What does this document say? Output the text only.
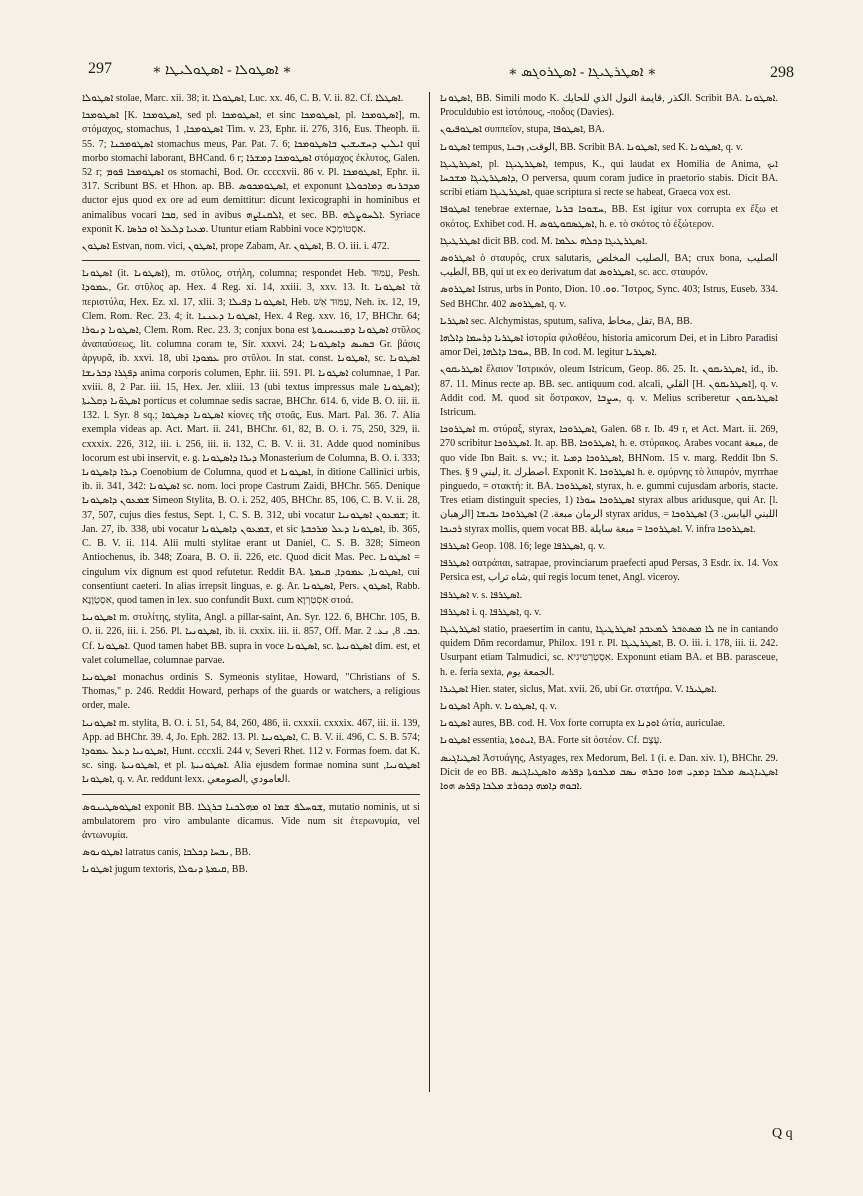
297	∗ ܐܣܛܘܠܐ - ܐܣܛܘܠܝܛܐ ∗	∗ ܐܣܛܪܛܝܓܐ - ܐܣܛܪܘܓܣ ∗	298

ܐܣܛܘܠܐ stolae, Marc. xii. 38; it. ܐܣܛܘܠܐ, Luc. xx. 46, C. B. V. ii. 82. Cf. ܐܣܛܠܐ.

ܐܣܛܘܡܟܐ [K. ܐܣܛܘܡܟܐ, sed pl. ܐܣܛܘܡܟܐ, et sinc ܐܣܛܘܡܟܐ, pl. ܐܣܛܘܡܟܐ], m. στόμαχος, stomachus, ܐܣܛܘܡܟܐ, 1 Tim. v. 23, Ephr. ii. 276, 316, Eus. Theoph. ii. 55. 7; ܐܣܛܘܡܟܢܐ stomachus meus, Par. Pat. 7. 6; ܐܝܠܝܢ ܕܚܫܝܫܝܢ ܒܐܣܛܘܡܟܐ qui morbo stomachi laborant, BHCand. 6 r; ܐܣܛܘܡܟܐ ܕܡܫܪܐ στόμαχος ἐκλυτος, Galen. 52 r; ܐܣܛܘܡܟܐ ܦܘܡ os stomachi, Bod. Or. ccccxvii. 86 v. Pl. ܐܣܛܘܡܟܐ, Ephr. ii. 317. Scribunt BS. et Hhon. ap. BB. ܐܣܛܘܡܟܘܣ, et exponunt ܡܕܒܪܢܗ ܕܡܐܟܘܠܬܐ ductor ejus quod ex ore ad eum demittitur: dicunt lexicographi in hominibus et animalibus vocari ܩܒܐ, sed in avibus ܐܠܩܢܐܨܗ, et sec. BB. ܐܠܚܘܨܠܗ. Syriace exponit K. ܡܥܝܐ ܕܠܥܠ ܐܘ ܟܪܣܐ. Utuntur etiam Rabbini voce אִסְטוֹמְכָא.

ܐܣܛܘܢ Estvan, nom. vici, ܐܣܛܘܢ, prope Zabam, Ar. ܐܣܛܘܢ, B. O. iii. i. 472.

ܐܣܛܘܢܐ (it. ܐܣܛܘܢܐ), m. στῦλος, στήλη, columna; respondet Heb. עַמּוּד, Pesh. ܥܡܘܕܐ, Gr. στῦλος ap. Hex. 4 Reg. xi. 14, xxiii. 3, xxv. 13. It. ܐܣܛܘܢܐ τὰ περιστύλα, Hex. Ez. xl. 17, xlii. 3; ܐܣܛܘܢܐ ܕܦܝܠܐ, Heb. עַמּוּד אֵשׁ, Neh. ix. 12, 19, Clem. Rom. Rec. 23. 4; it. ܐܣܛܘܢܐ ܕܥܢܢܐ, Hex. 4 Reg. xxv. 16, 17, BHChr. 64; ܐܣܛܘܢܐ ܕܢܘܪܐ, Clem. Rom. Rec. 23. 3; conjux bona est ܐܣܛܘܢܐ ܕܡܢܝܚܢܘܬܐ στῦλος ἀναπαύσεως, lit. columna coram te, Sir. xxxvi. 24; ܒܣܝܣ ܕܐܣܛܘܢܐ Gr. βάσις ἀργυρᾶ, ib. xxvi. 18, ubi ܥܡܘܕܐ pro στῦλοι. In stat. const. ܐܣܛܘܢܐ, sc. ܐܣܛܘܢܐ ܕܦܓܪܐ ܕܒܪܢܫܐ anima corporis columen, Ephr. iii. 591. Pl. ܐܣܛܘܢܐ columnae, 1 Par. xviii. 8, 2 Par. iii. 15, Hex. Jer. xliii. 13 (ubi textus impressus male ܐܣܛܘܢܐ); ܐܣܛܘ̈ܢܐ ܕܩܠܝܬܐ porticus et columnae sedis sacrae, BHChr. 614. 6, vide B. O. iii. ii. 132. l. Syr. 8 sq.; ܐܣܛܘܢܐ ܕܣܛܘܐ κίονες τῆς στοᾶς, Eus. Mart. Pal. 36. 7. Alia exempla videas ap. Act. Mart. ii. 241, BHChr. 61, 82, B. O. i. 75, 250, 329, ii. cxxxix. 226, 312, iii. i. 256, iii. ii. 132, C. B. V. ii. 31. Adde quod nominibus locorum est ubi inservit, e. g. ܕܝܪܐ ܕܐܣܛܘܢܐ Monasterium de Columna, B. O. i. 333; ܕܝܪܐ ܕܐܣܛܘܢܐ Coenobium de Columna, quod et ܐܣܛܘܢܐ, in ditione Callinici urbis, ib. ii. 341, 342: ܐܣܛܘܢܐ sc. nom. loci prope Castrum Zaidi, BHChr. 565. Denique ܫܡܥܘܢ ܕܐܣܛܘܢܐ Simeon Stylita, B. O. i. 252, 405, BHChr. 85, 106, C. B. V. ii. 28, 37, 507, cujus dies festus, Sept. 1, C. S. B. 312, ubi vocatur ܫܡܥܘܢ ܐܣܛܘܢܝܐ; it. Jan. 27, ib. 338, ubi vocatur ܫܡܥܘܢ ܕܐܣܛܘܢܐ, et sic ܐܣܛܘܢܐ ܕܥܠ ܡܪܟܒܬܐ, ib. 365, C. B. V. ii. 114. Alii multi stylitae erant ut Daniel, C. S. B. 328; Simeon Antiochenus, ib. 348; Zoara, B. O. ii. 226, etc. Quod dicit Mas. Pec. ܐܣܛܘܢܐ = cingulum vix dignum est quod refutetur. Reddit BA. ܐܣܛܘܢܐ, ܥܡܘܕܐ, ܩܝܡܬܐ, cui consentiunt caeteri. In alias irrepsit linguas, e. g. Ar. ܐܣܛܘܢܐ, Pers. ܐܣܛܘܢ, Rabb. אִסְטְוָנָא, quod tamen in lex. suo confundit Buxt. cum אִסְטַרְוָא στοά.

ܐܣܛܘܢܝܐ m. στυλίτης, stylita, Angl. a pillar-saint, An. Syr. 122. 6, BHChr. 105, B. O. ii. 226, iii. i. 256. Pl. ܐܣܛܘܢܝܐ, ib. ii. cxxix. iii. ii. 857, Off. Mar. ܟܒ. 8, ܢܥ. 2. Cf. ܐܣܛܘܢܐ. Quod tamen habet BB. supra in voce ܐܣܛܘܢܐ, sc. ܐܣܛܘܢܝܬܐ dim. est, et valet columellae, columnae parvae.

ܐܣܛܘܢܝܐ monachus ordinis S. Symeonis stylitae, Howard, "Christians of S. Thomas," p. 246. Reddit Howard, perhaps of the guards or watchers, a religious order, male.

ܐܣܛܘܢܝܐ m. stylita, B. O. i. 51, 54, 84, 260, 486, ii. cxxxii. cxxxix. 467, iii. ii. 139, App. ad BHChr. 39. 4, Jo. Eph. 282. 13. Pl. ܐܣܛܘܢܝܐ, C. B. V. ii. 496, C. S. B. 574; ܐܣܛܘܢܝܐ ܕܥܠ ܥܡܘܕܐ, Hunt. cccxli. 244 v, Severi Rhet. 112 v. Formas foem. dat K. sc. sing. ܐܣܛܘܢܝܬܐ, et pl. ܐܣܛܘܢܝܬܐ. Alia ejusdem formae nomina sunt ܐܣܛܘܢܝܐ, ܐܣܛܘܢܐ, q. v. Ar. reddunt lexx. العامودي ,الصومعي.

ܐܣܛܘܣܛܝܢܘܣ exponit BB. ܫܘܚܠܦ ܫܡܐ ܐܘ ܡܗܠܟܢܐ ܒܪܓܠܐ, mutatio nominis, ut si ambulatorem pro viro ambulante dicamus. Vide num sit ἑτερωνυμία, vel ἀντωνυμία.

ܐܣܛܘܢܘܣ latratus canis, ܢܒܚܐ ܕܟܠܒܐ, BB.

ܐܣܛܘܢܐ jugum textoris, ܩܝܡܬܐ ܕܢܘܠܐ, BB.

ܐܣܛܘܢܐ, BB. Simili modo K. الكذر ,قايمة النول الذي للحايك. Scribit BA. ܐܣܛܘܢܐ. Proculdubio est ἱστόπους, -ποδος (Davies).

ܐܣܛܘܦܝܘܢ συππεῖον, stupa, ܐܣܛܘܦܐ, BA.

ܐܣܛܘܢܐ tempus, الوقت, ܙܒܢܐ, BB. Scribit BA. ܐܣܛܘܢܐ, sed K. ܐܣܛܘܢܐ, q. v.

ܐܣܛܪܛܝܓܐ, pl. ܐܣܛܪܛܝܓܐ, tempus, K., qui laudat ex Homilia de Anima, ܐܝܟ ܕܐܣܛܪܛܝܓܐ ܡܫܟܚܐ, O perversa, quum coram judice in praetorio stabis. Dicit BA. scribi etiam ܐܣܛܪܛܝܓܐ, quae scriptura si recte se habeat, Graeca vox est.

ܐܣܛܘܦܐ tenebrae externae, ܚܫܘܟܐ ܒܪܝܐ, BB. Est igitur vox corrupta ex ἔξω et σκότος. Exhibet cod. H. ܐܣܛܣܩܘܛܘܣ, h. e. τὸ σκότος τὸ ἐξώτερον.

ܐܣܛܪܛܝܓܐ dicit BB. cod. M. ܐܣܛܪܛܝܓܐ ܕܟܠܗ ܥܠܡܐ.

ܐܣܛܪܘܣ ὁ σταυρός, crux salutaris, الصليب المخلص, BA; crux bona, الصليب الطيب, BB, qui ut ex eo derivatum dat ܐܣܛܪܘܣ, sc. acc. σταυρόν.

ܐܣܛܪܘܣ Istrus, urbs in Ponto, Dion. ܘܘ. 10. Ἴστρος, Sync. 403; Istrus, Euseb. 334. Sed BHChr. 402 ܐܣܛܪܘܣ, q. v.

ܐܣܛܪܝܐ sec. Alchymistas, sputum, saliva, تفل ,مخاط, BA, BB.

ܐܣܛܪܝܐ ܕܪܚܡܐ ܕܐܠܗܐ ἱστορία φιλοθέου, historia amicorum Dei, et in Libro Paradisi amor Dei, ܚܘܒܐ ܕܐܠܗܐ, BB. In cod. M. legitur ܐܣܛܪܝܐ.

ܐܣܛܪܝܩܘܢ ἔλαιον Ἰστρικόν, oleum Istricum, Geop. 86. 25. It. ܐܣܛܪܝܩܘܢ, id., ib. 87. 11. Minus recte ap. BB. sec. antiquum cod. alcali, القلي [H. ܐܣܛܪܝܩܘܢ], q. v. Addit cod. M. quod sit ὄστρακον, ܚܨܒܐ, q. v. Melius scriberetur ܐܣܛܪܝܩܘܢ Istricum.

ܐܣܛܪܘܟܐ m. στύραξ, styrax, ܐܣܛܪܘܟܐ, Galen. 68 r. Ib. 49 r, et Act. Mart. ii. 269, 270 scribitur ܐܣܛܪܘܟܐ. It. ap. BB. ܐܣܛܪܘܟܐ, h. e. στύρακος. Arabes vocant مبعة, de quo vide Ibn Bait. s. vv.; it. ܐܣܛܪܘܟܐ ܕܡܝܐ, BHNom. 15 v. marg. Reddit Ibn S. Thes. § 9 لبني, it. اصطرك. Exponit K. ܐܣܛܪܘܟܐ h. e. σμύρνης τὸ λιπαρόν, myrrhae pinguedo, = στακτή: it. BA. ܐܣܛܪܘܟܐ, styrax, h. e. gummi cujusdam arboris, stacte. Tres etiam distinguit species, 1) ܐܣܛܪܘܟܐ ܚܘܪܐ styrax albus aridusque, qui Ar. [l. الرهبان] الرمان مبعة. 2) ܐܣܛܪܘܟܐ ܝܒܝܫܐ styrax aridus, = اللبني اليابس. 3) ܐܣܛܪܘܟܐ ܪܟܝܟܐ styrax mollis, quem vocat BB. ܐܣܛܪܘܟܐ = مبعة سايلة. V. infra ܐܣܛܪܘܟܐ.

ܐܣܛܪܦܐ Geop. 108. 16; lege ܐܣܛܪܦܐ, q. v.

ܐܣܛܪܦܐ σατράπαι, satrapae, provinciarum praefecti apud Persas, 3 Esdr. ix. 14. Vox Persica est, شاه تراب, qui regis locum tenet, Angl. viceroy.

ܐܣܛܪܦܐ v. s. ܐܣܛܪܦܐ.

ܐܣܛܪܦܐ i. q. ܐܣܛܪܦܐ, q. v.

ܐܣܛܪܛܝܓܐ statio, praesertim in cantu, ܠܐ ܡܣܬܒܪ ܠܡܥܒܕ ܐܣܛܪܛܝܓܐ ne in cantando quidem Dñm recordamur, Philox. 191 r. Pl. ܐܣܛܪܛܝܓܐ, B. O. iii. i. 178, iii. ii. 242. Usurpant etiam Talmudici, sc. אִסְטְרַטִּיגִיא. Exponunt etiam BA. et BB. parasceue, h. e. feria sexta, الجمعة يوم.

ܐܣܛܝܪܐ Hier. stater, siclus, Mat. xvii. 26, ubi Gr. στατήρα. V. ܐܣܛܝܪܐ.

ܐܣܛܘܢܐ Aph. v. ܐܣܛܘܢܐ, q. v.

ܐܣܛܘܢܐ aures, BB. cod. H. Vox forte corrupta ex ܐܘܕܢܐ ὠτία, auriculae.

ܐܣܛܘܢܐ essentia, ܐܝܬܘܬܐ, BA. Forte sit ὀστέον. Cf. עֶצֶם.

ܐܣܛܝܐܓܝܣ Ἀστυάγης, Astyages, rex Medorum, Bel. 1 (i. e. Dan. xiv. 1), BHChr. 29. Dicit de eo BB. ܐܣܛܝܐܓܝܣ ܡܠܟܐ ܕܡܕܝ ܗܘܐ ܘܒܪܗ ܢܣܒ ܡܠܟܘܬܐ ܕܦܪܣ ܘܐܣܛܝܐܓܝܣ ܐܒܘܗ ܕܐܡܗ ܕܟܘܪܫ ܡܠܟܐ ܕܦܪܣ ܗܘܐ.

Q q
